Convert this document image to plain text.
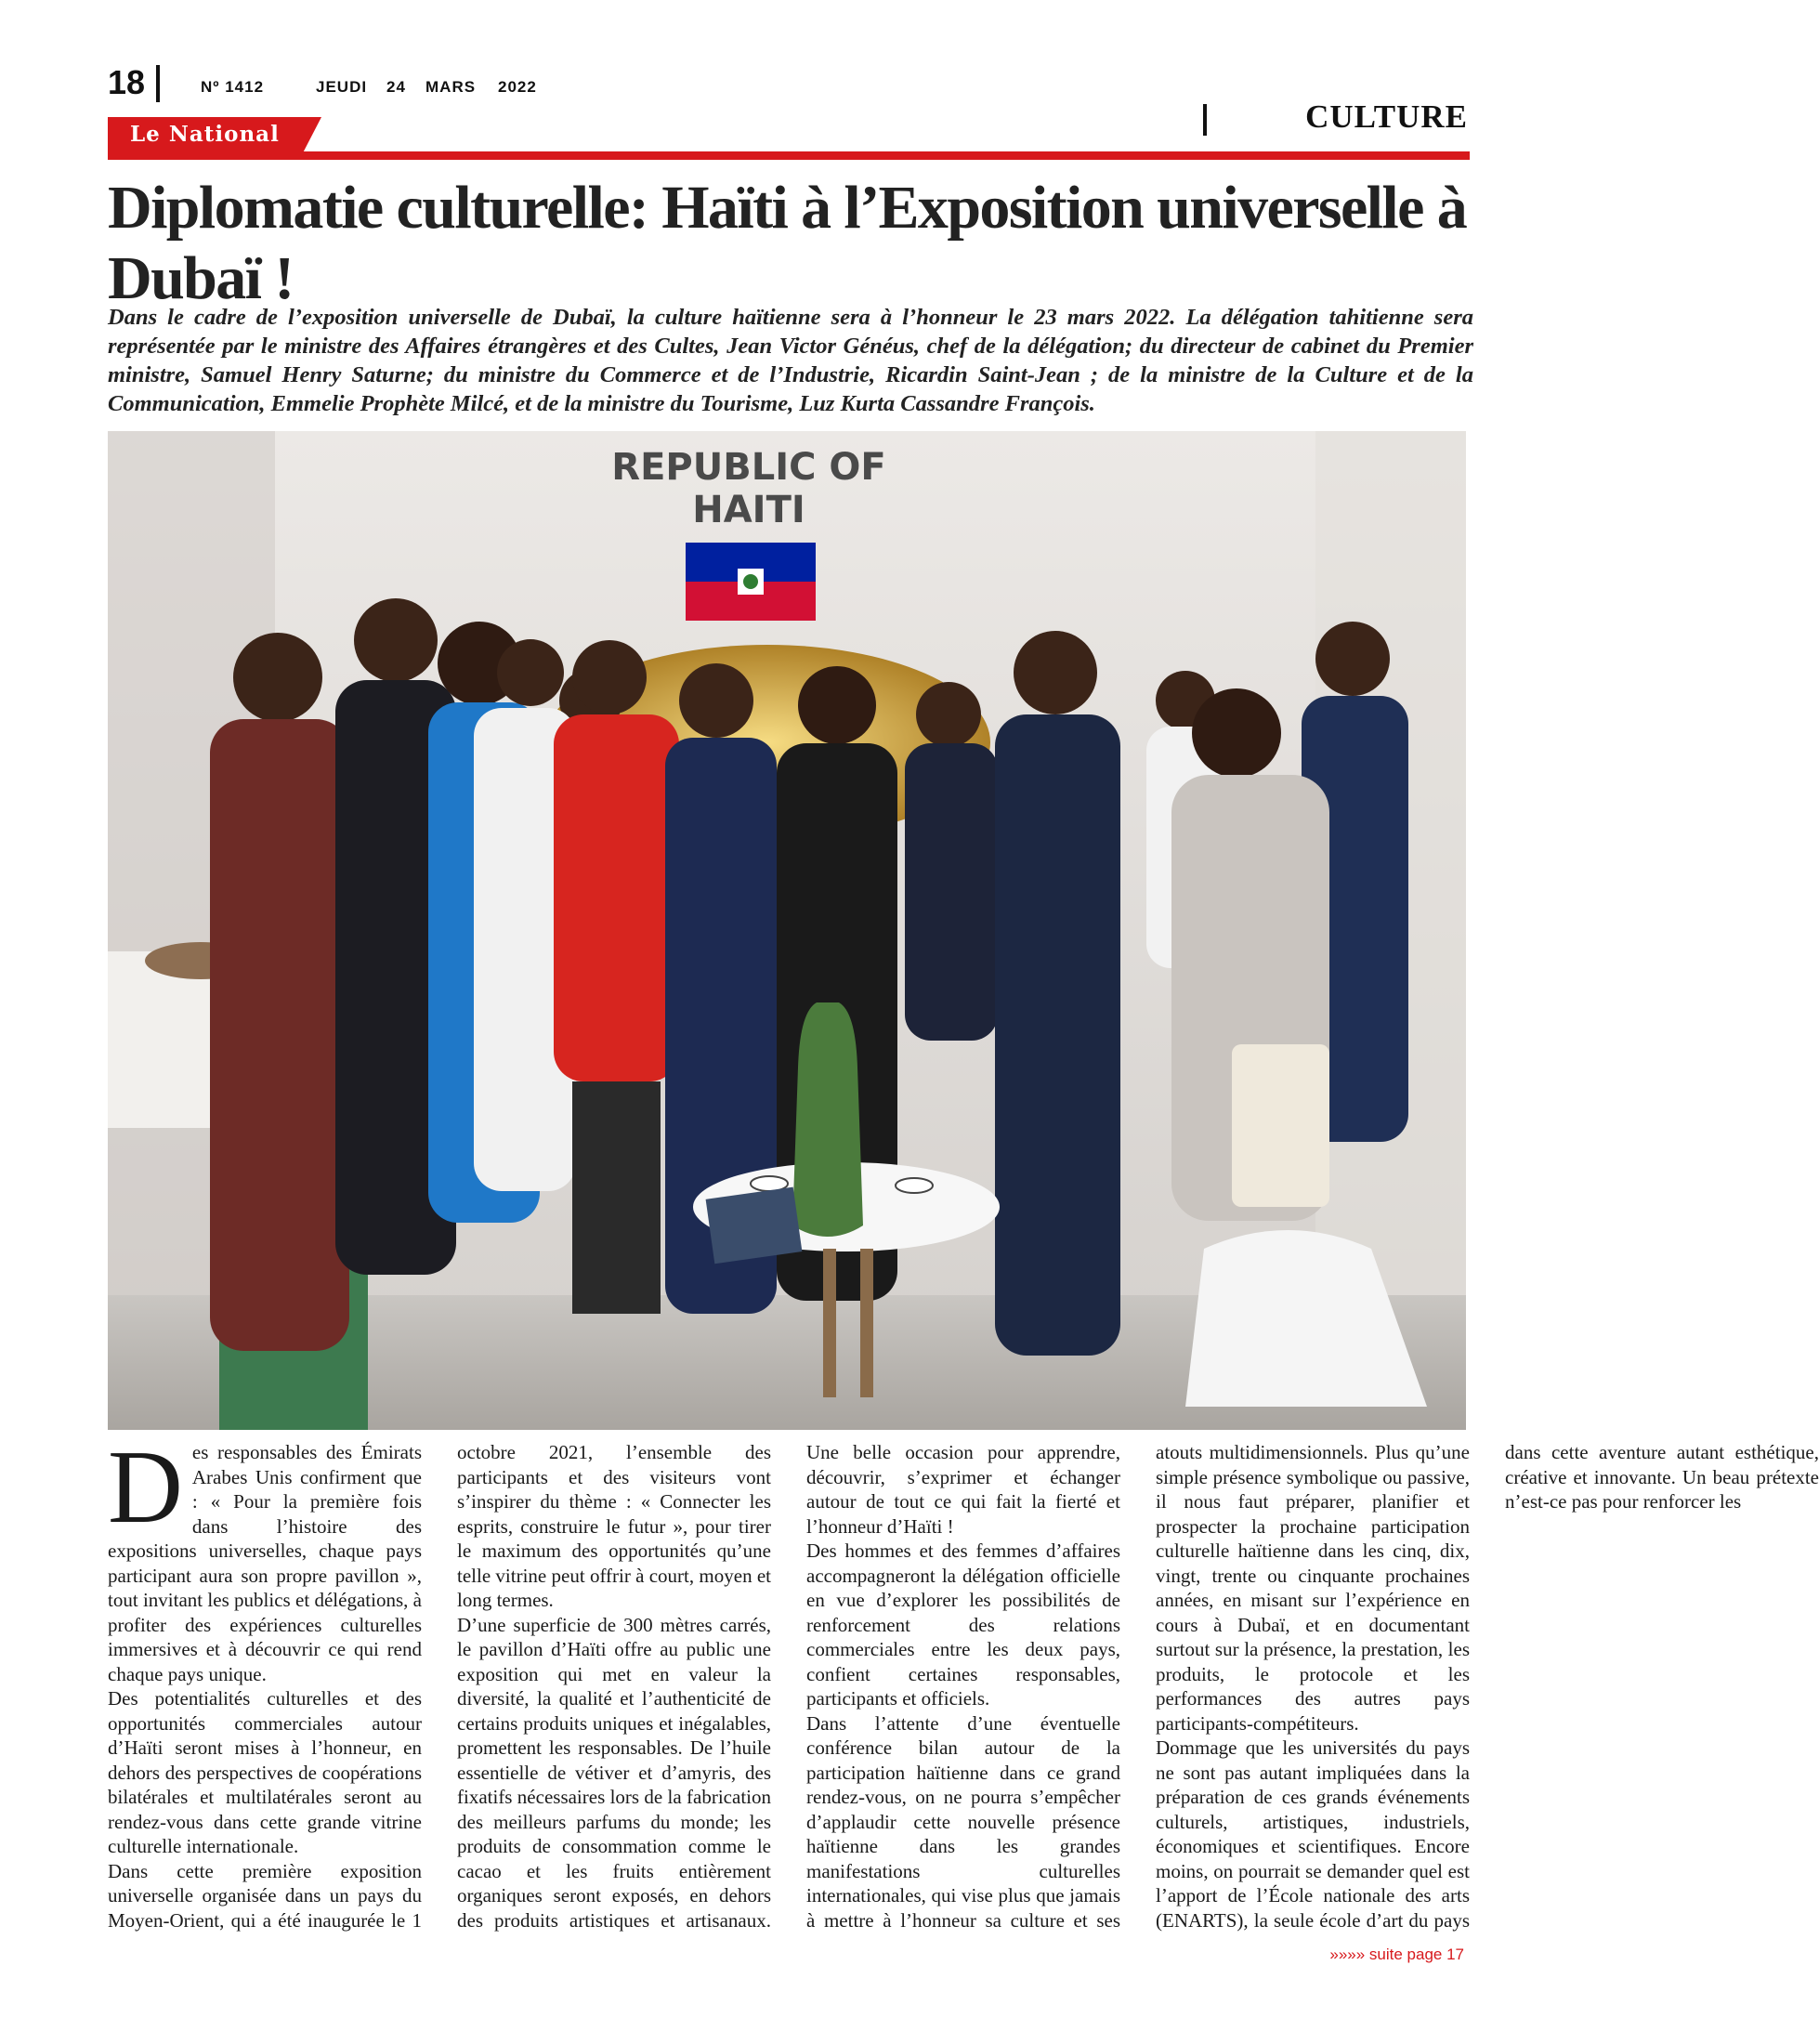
18	Nº 1412	JEUDI 24 MARS 2022
Le National	CULTURE
Diplomatie culturelle: Haïti à l’Exposition universelle à Dubaï !

Dans le cadre de l’exposition universelle de Dubaï, la culture haïtienne sera à l’honneur le 23 mars 2022. La délégation tahitienne sera représentée par le ministre des Affaires étrangères et des Cultes, Jean Victor Généus, chef de la délégation; du directeur de cabinet du Premier ministre, Samuel Henry Saturne; du ministre du Commerce et de l’Industrie, Ricardin Saint-Jean ; de la ministre de la Culture et de la Communication, Emmelie Prophète Milcé, et de la ministre du Tourisme, Luz Kurta Cassandre François.

REPUBLIC OF
HAITI

Des responsables des Émirats Arabes Unis confirment que : « Pour la première fois dans l’histoire des expositions universelles, chaque pays participant aura son propre pavillon », tout invitant les publics et délégations, à profiter des expériences culturelles immersives et à découvrir ce qui rend chaque pays unique.

Des potentialités culturelles et des opportunités commerciales autour d’Haïti seront mises à l’honneur, en dehors des perspectives de coopérations bilatérales et multilatérales seront au rendez-vous dans cette grande vitrine culturelle internationale.

Dans cette première exposition universelle organisée dans un pays du Moyen-Orient, qui a été inaugurée le 1 octobre 2021, l’ensemble des participants et des visiteurs vont s’inspirer du thème : « Connecter les esprits, construire le futur », pour tirer le maximum des opportunités qu’une telle vitrine peut offrir à court, moyen et long termes.

D’une superficie de 300 mètres carrés, le pavillon d’Haïti offre au public une exposition qui met en valeur la diversité, la qualité et l’authenticité de certains produits uniques et inégalables, promettent les responsables. De l’huile essentielle de vétiver et d’amyris, des fixatifs nécessaires lors de la fabrication des meilleurs parfums du monde; les produits de consommation comme le cacao et les fruits entièrement organiques seront exposés, en dehors des produits artistiques et artisanaux. Une belle occasion pour apprendre, découvrir, s’exprimer et échanger autour de tout ce qui fait la fierté et l’honneur d’Haïti !

Des hommes et des femmes d’affaires accompagneront la délégation officielle en vue d’explorer les possibilités de renforcement des relations commerciales entre les deux pays, confient certaines responsables, participants et officiels.

Dans l’attente d’une éventuelle conférence bilan autour de la participation haïtienne dans ce grand rendez-vous, on ne pourra s’empêcher d’applaudir cette nouvelle présence haïtienne dans les grandes manifestations culturelles internationales, qui vise plus que jamais à mettre à l’honneur sa culture et ses atouts multidimensionnels. Plus qu’une simple présence symbolique ou passive, il nous faut préparer, planifier et prospecter la prochaine participation culturelle haïtienne dans les cinq, dix, vingt, trente ou cinquante prochaines années, en misant sur l’expérience en cours à Dubaï, et en documentant surtout sur la présence, la prestation, les produits, le protocole et les performances des autres pays participants-compétiteurs.

Dommage que les universités du pays ne sont pas autant impliquées dans la préparation de ces grands événements culturels, artistiques, industriels, économiques et scientifiques. Encore moins, on pourrait se demander quel est l’apport de l’École nationale des arts (ENARTS), la seule école d’art du pays dans cette aventure autant esthétique, créative et innovante. Un beau prétexte n’est-ce pas pour renforcer les

»»»» suite page 17
